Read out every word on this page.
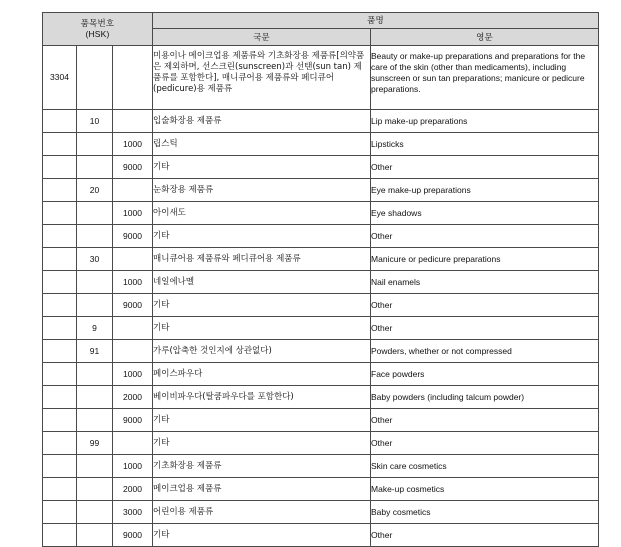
품목번호
(HSK)			품명	
			국문	영문
3304			미용이나 메이크업용 제품류와 기초화장용 제품류[의약품은 제외하며, 선스크린(sunscreen)과 선탠(sun tan) 제품류를 포함한다], 매니큐어용 제품류와 페디큐어(pedicure)용 제품류	Beauty or make-up preparations and preparations for the care of the skin (other than medicaments), including sunscreen or sun tan preparations; manicure or pedicure preparations.
	10		입술화장용 제품류	Lip make-up preparations
		1000	립스틱	Lipsticks
		9000	기타	Other
	20		눈화장용 제품류	Eye make-up preparations
		1000	아이새도	Eye shadows
		9000	기타	Other
	30		매니큐어용 제품류와 페디큐어용 제품류	Manicure or pedicure preparations
		1000	네일에나멜	Nail enamels
		9000	기타	Other
	9		기타	Other
	91		가루(압축한 것인지에 상관없다)	Powders, whether or not compressed
		1000	페이스파우다	Face powders
		2000	베이비파우다(탈쿰파우다를 포함한다)	Baby powders (including talcum powder)
		9000	기타	Other
	99		기타	Other
		1000	기초화장용 제품류	Skin care cosmetics
		2000	메이크업용 제품류	Make-up cosmetics
		3000	어린이용 제품류	Baby cosmetics
		9000	기타	Other
